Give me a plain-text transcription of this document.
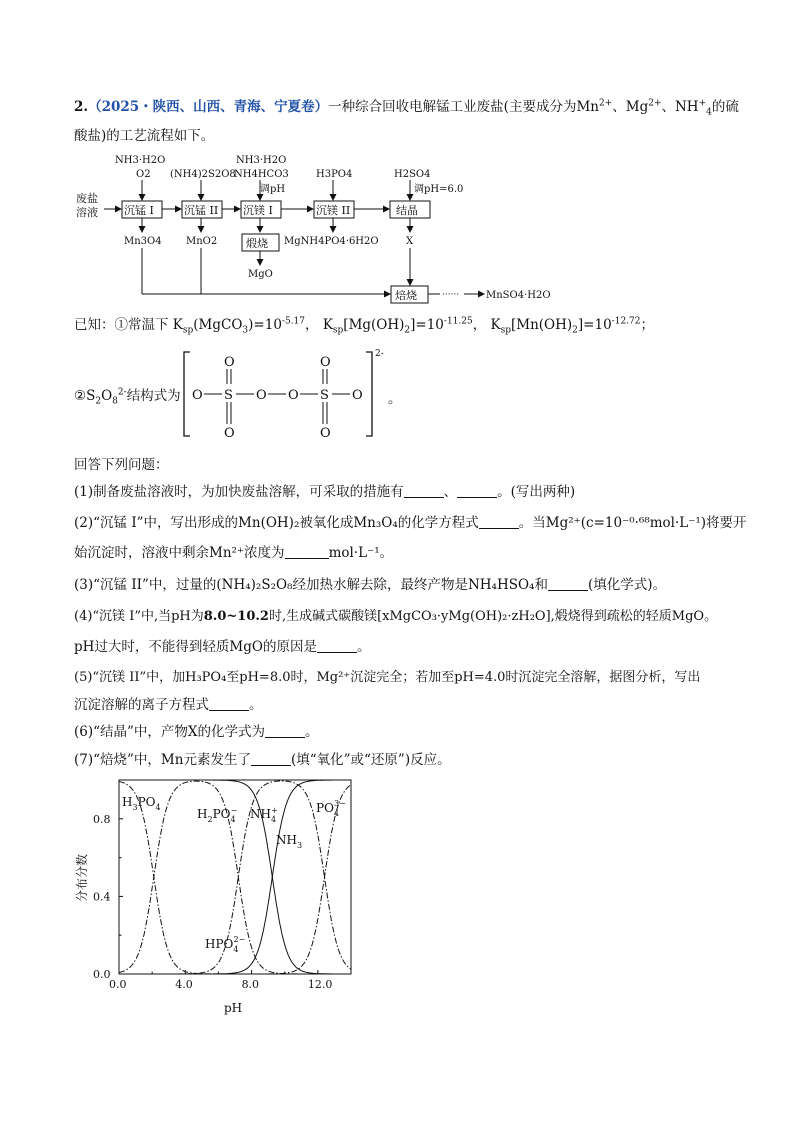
2.（2025・陕西、山西、青海、宁夏卷）一种综合回收电解锰工业废盐(主要成分为$Mn^{2+}$、$Mg^{2+}$、$NH^+_4$的硫
酸盐)的工艺流程如下。
废盐
溶液
NH3·H2O
O2 (NH4)2S2O8
NH3·H2O
NH4HCO3
调pH
H3PO4	H2SO4
调pH=6.0
沉锰 I	沉锰 II 沉镁 I	沉镁 II	结晶
Mn3O4 MnO2	煅烧
MgO
MgNH4PO4·6H2O	X
焙烧	······	MnSO4·H2O
已知：①常温下 $K_{sp}(MgCO_3)=10^{-5.17}$， $K_{sp}[Mg(OH)_2]=10^{-11.25}$， $K_{sp}[Mn(OH)_2]=10^{-12.72}$；
$②S_2O_8^{2-}$结构式为
2-
O S O O S O
O
O
O
O
。
回答下列问题：
(1)制备废盐溶液时，为加快废盐溶解，可采取的措施有	、	。(写出两种)
(2)“沉锰 I”中，写出形成的Mn(OH)₂被氧化成Mn₃O₄的化学方程式	。当Mg²⁺(c=10⁻⁰·⁶⁸mol·L⁻¹)将要开
始沉淀时，溶液中剩余Mn²⁺浓度为	mol·L⁻¹。
(3)“沉锰 II”中，过量的(NH₄)₂S₂O₈经加热水解去除，最终产物是NH₄HSO₄和	(填化学式)。
(4)“沉镁 I”中,当pH为8.0~10.2时,生成碱式碳酸镁[xMgCO₃·yMg(OH)₂·zH₂O],煅烧得到疏松的轻质MgO。
pH过大时，不能得到轻质MgO的原因是	。
(5)“沉镁 II”中，加H₃PO₄至pH=8.0时，Mg²⁺沉淀完全；若加至pH=4.0时沉淀完全溶解，据图分析，写出
沉淀溶解的离子方程式	。
(6)“结晶”中，产物X的化学式为	。
(7)“焙烧”中，Mn元素发生了	(填“氧化”或“还原”)反应。
0.0	4.0	8.0	12.0
0.0
0.4
0.8
分布分数
pH
$H_3PO_4$	$H_2PO_4- NH_4+$
$NH_3$
$PO_43-$
$HPO_42-$
